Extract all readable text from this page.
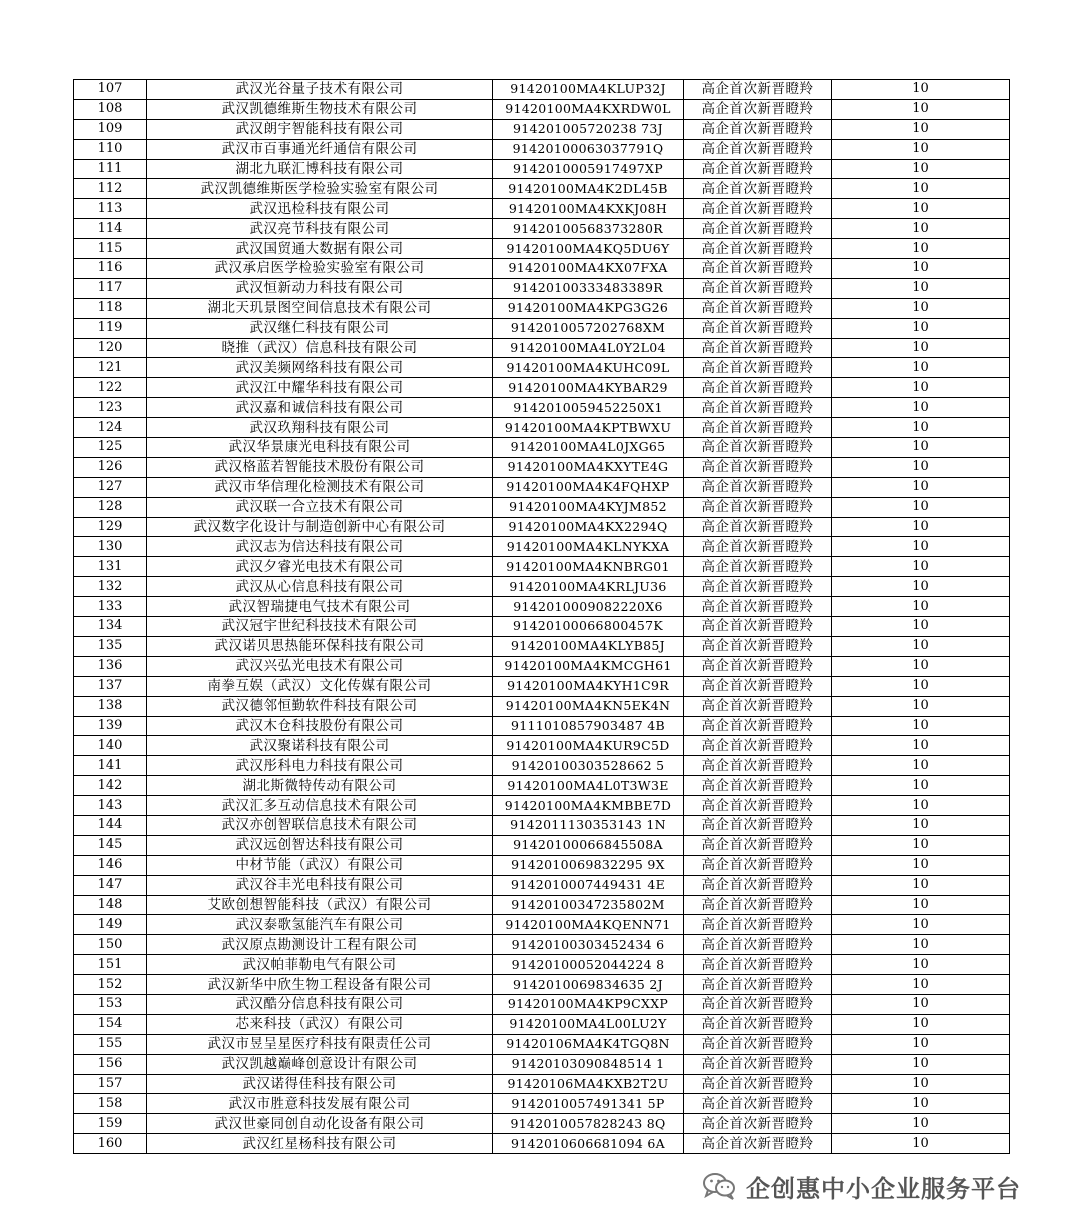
107	武汉光谷量子技术有限公司	91420100MA4KLUP32J	高企首次新晋瞪羚	10
108	武汉凯德维斯生物技术有限公司	91420100MA4KXRDW0L	高企首次新晋瞪羚	10
109	武汉朗宇智能科技有限公司	914201005720238 73J	高企首次新晋瞪羚	10
110	武汉市百事通光纤通信有限公司	91420100063037791Q	高企首次新晋瞪羚	10
111	湖北九联汇博科技有限公司	9142010005917497XP	高企首次新晋瞪羚	10
112	武汉凯德维斯医学检验实验室有限公司	91420100MA4K2DL45B	高企首次新晋瞪羚	10
113	武汉迅检科技有限公司	91420100MA4KXKJ08H	高企首次新晋瞪羚	10
114	武汉亮节科技有限公司	91420100568373280R	高企首次新晋瞪羚	10
115	武汉国贸通大数据有限公司	91420100MA4KQ5DU6Y	高企首次新晋瞪羚	10
116	武汉承启医学检验实验室有限公司	91420100MA4KX07FXA	高企首次新晋瞪羚	10
117	武汉恒新动力科技有限公司	91420100333483389R	高企首次新晋瞪羚	10
118	湖北天玑景图空间信息技术有限公司	91420100MA4KPG3G26	高企首次新晋瞪羚	10
119	武汉继仁科技有限公司	9142010057202768XM	高企首次新晋瞪羚	10
120	晓推（武汉）信息科技有限公司	91420100MA4L0Y2L04	高企首次新晋瞪羚	10
121	武汉美频网络科技有限公司	91420100MA4KUHC09L	高企首次新晋瞪羚	10
122	武汉江中耀华科技有限公司	91420100MA4KYBAR29	高企首次新晋瞪羚	10
123	武汉嘉和诚信科技有限公司	9142010059452250X1	高企首次新晋瞪羚	10
124	武汉玖翔科技有限公司	91420100MA4KPTBWXU	高企首次新晋瞪羚	10
125	武汉华景康光电科技有限公司	91420100MA4L0JXG65	高企首次新晋瞪羚	10
126	武汉格蓝若智能技术股份有限公司	91420100MA4KXYTE4G	高企首次新晋瞪羚	10
127	武汉市华信理化检测技术有限公司	91420100MA4K4FQHXP	高企首次新晋瞪羚	10
128	武汉联一合立技术有限公司	91420100MA4KYJM852	高企首次新晋瞪羚	10
129	武汉数字化设计与制造创新中心有限公司	91420100MA4KX2294Q	高企首次新晋瞪羚	10
130	武汉志为信达科技有限公司	91420100MA4KLNYKXA	高企首次新晋瞪羚	10
131	武汉夕睿光电技术有限公司	91420100MA4KNBRG01	高企首次新晋瞪羚	10
132	武汉从心信息科技有限公司	91420100MA4KRLJU36	高企首次新晋瞪羚	10
133	武汉智瑞捷电气技术有限公司	9142010009082220X6	高企首次新晋瞪羚	10
134	武汉冠宇世纪科技技术有限公司	91420100066800457K	高企首次新晋瞪羚	10
135	武汉诺贝思热能环保科技有限公司	91420100MA4KLYB85J	高企首次新晋瞪羚	10
136	武汉兴弘光电技术有限公司	91420100MA4KMCGH61	高企首次新晋瞪羚	10
137	南拳互娱（武汉）文化传媒有限公司	91420100MA4KYH1C9R	高企首次新晋瞪羚	10
138	武汉德邻恒勤软件科技有限公司	91420100MA4KN5EK4N	高企首次新晋瞪羚	10
139	武汉木仓科技股份有限公司	9111010857903487 4B	高企首次新晋瞪羚	10
140	武汉聚诺科技有限公司	91420100MA4KUR9C5D	高企首次新晋瞪羚	10
141	武汉彤科电力科技有限公司	91420100303528662 5	高企首次新晋瞪羚	10
142	湖北斯微特传动有限公司	91420100MA4L0T3W3E	高企首次新晋瞪羚	10
143	武汉汇多互动信息技术有限公司	91420100MA4KMBBE7D	高企首次新晋瞪羚	10
144	武汉亦创智联信息技术有限公司	9142011130353143 1N	高企首次新晋瞪羚	10
145	武汉远创智达科技有限公司	91420100066845508A	高企首次新晋瞪羚	10
146	中材节能（武汉）有限公司	9142010069832295 9X	高企首次新晋瞪羚	10
147	武汉谷丰光电科技有限公司	9142010007449431 4E	高企首次新晋瞪羚	10
148	艾欧创想智能科技（武汉）有限公司	91420100347235802M	高企首次新晋瞪羚	10
149	武汉泰歌氢能汽车有限公司	91420100MA4KQENN71	高企首次新晋瞪羚	10
150	武汉原点勘测设计工程有限公司	91420100303452434 6	高企首次新晋瞪羚	10
151	武汉帕菲勒电气有限公司	91420100052044224 8	高企首次新晋瞪羚	10
152	武汉新华中欣生物工程设备有限公司	9142010069834635 2J	高企首次新晋瞪羚	10
153	武汉酷分信息科技有限公司	91420100MA4KP9CXXP	高企首次新晋瞪羚	10
154	芯来科技（武汉）有限公司	91420100MA4L00LU2Y	高企首次新晋瞪羚	10
155	武汉市昱呈星医疗科技有限责任公司	91420106MA4K4TGQ8N	高企首次新晋瞪羚	10
156	武汉凯越巅峰创意设计有限公司	91420103090848514 1	高企首次新晋瞪羚	10
157	武汉诺得佳科技有限公司	91420106MA4KXB2T2U	高企首次新晋瞪羚	10
158	武汉市胜意科技发展有限公司	9142010057491341 5P	高企首次新晋瞪羚	10
159	武汉世豪同创自动化设备有限公司	9142010057828243 8Q	高企首次新晋瞪羚	10
160	武汉红星杨科技有限公司	9142010606681094 6A	高企首次新晋瞪羚	10
企创惠中小企业服务平台
